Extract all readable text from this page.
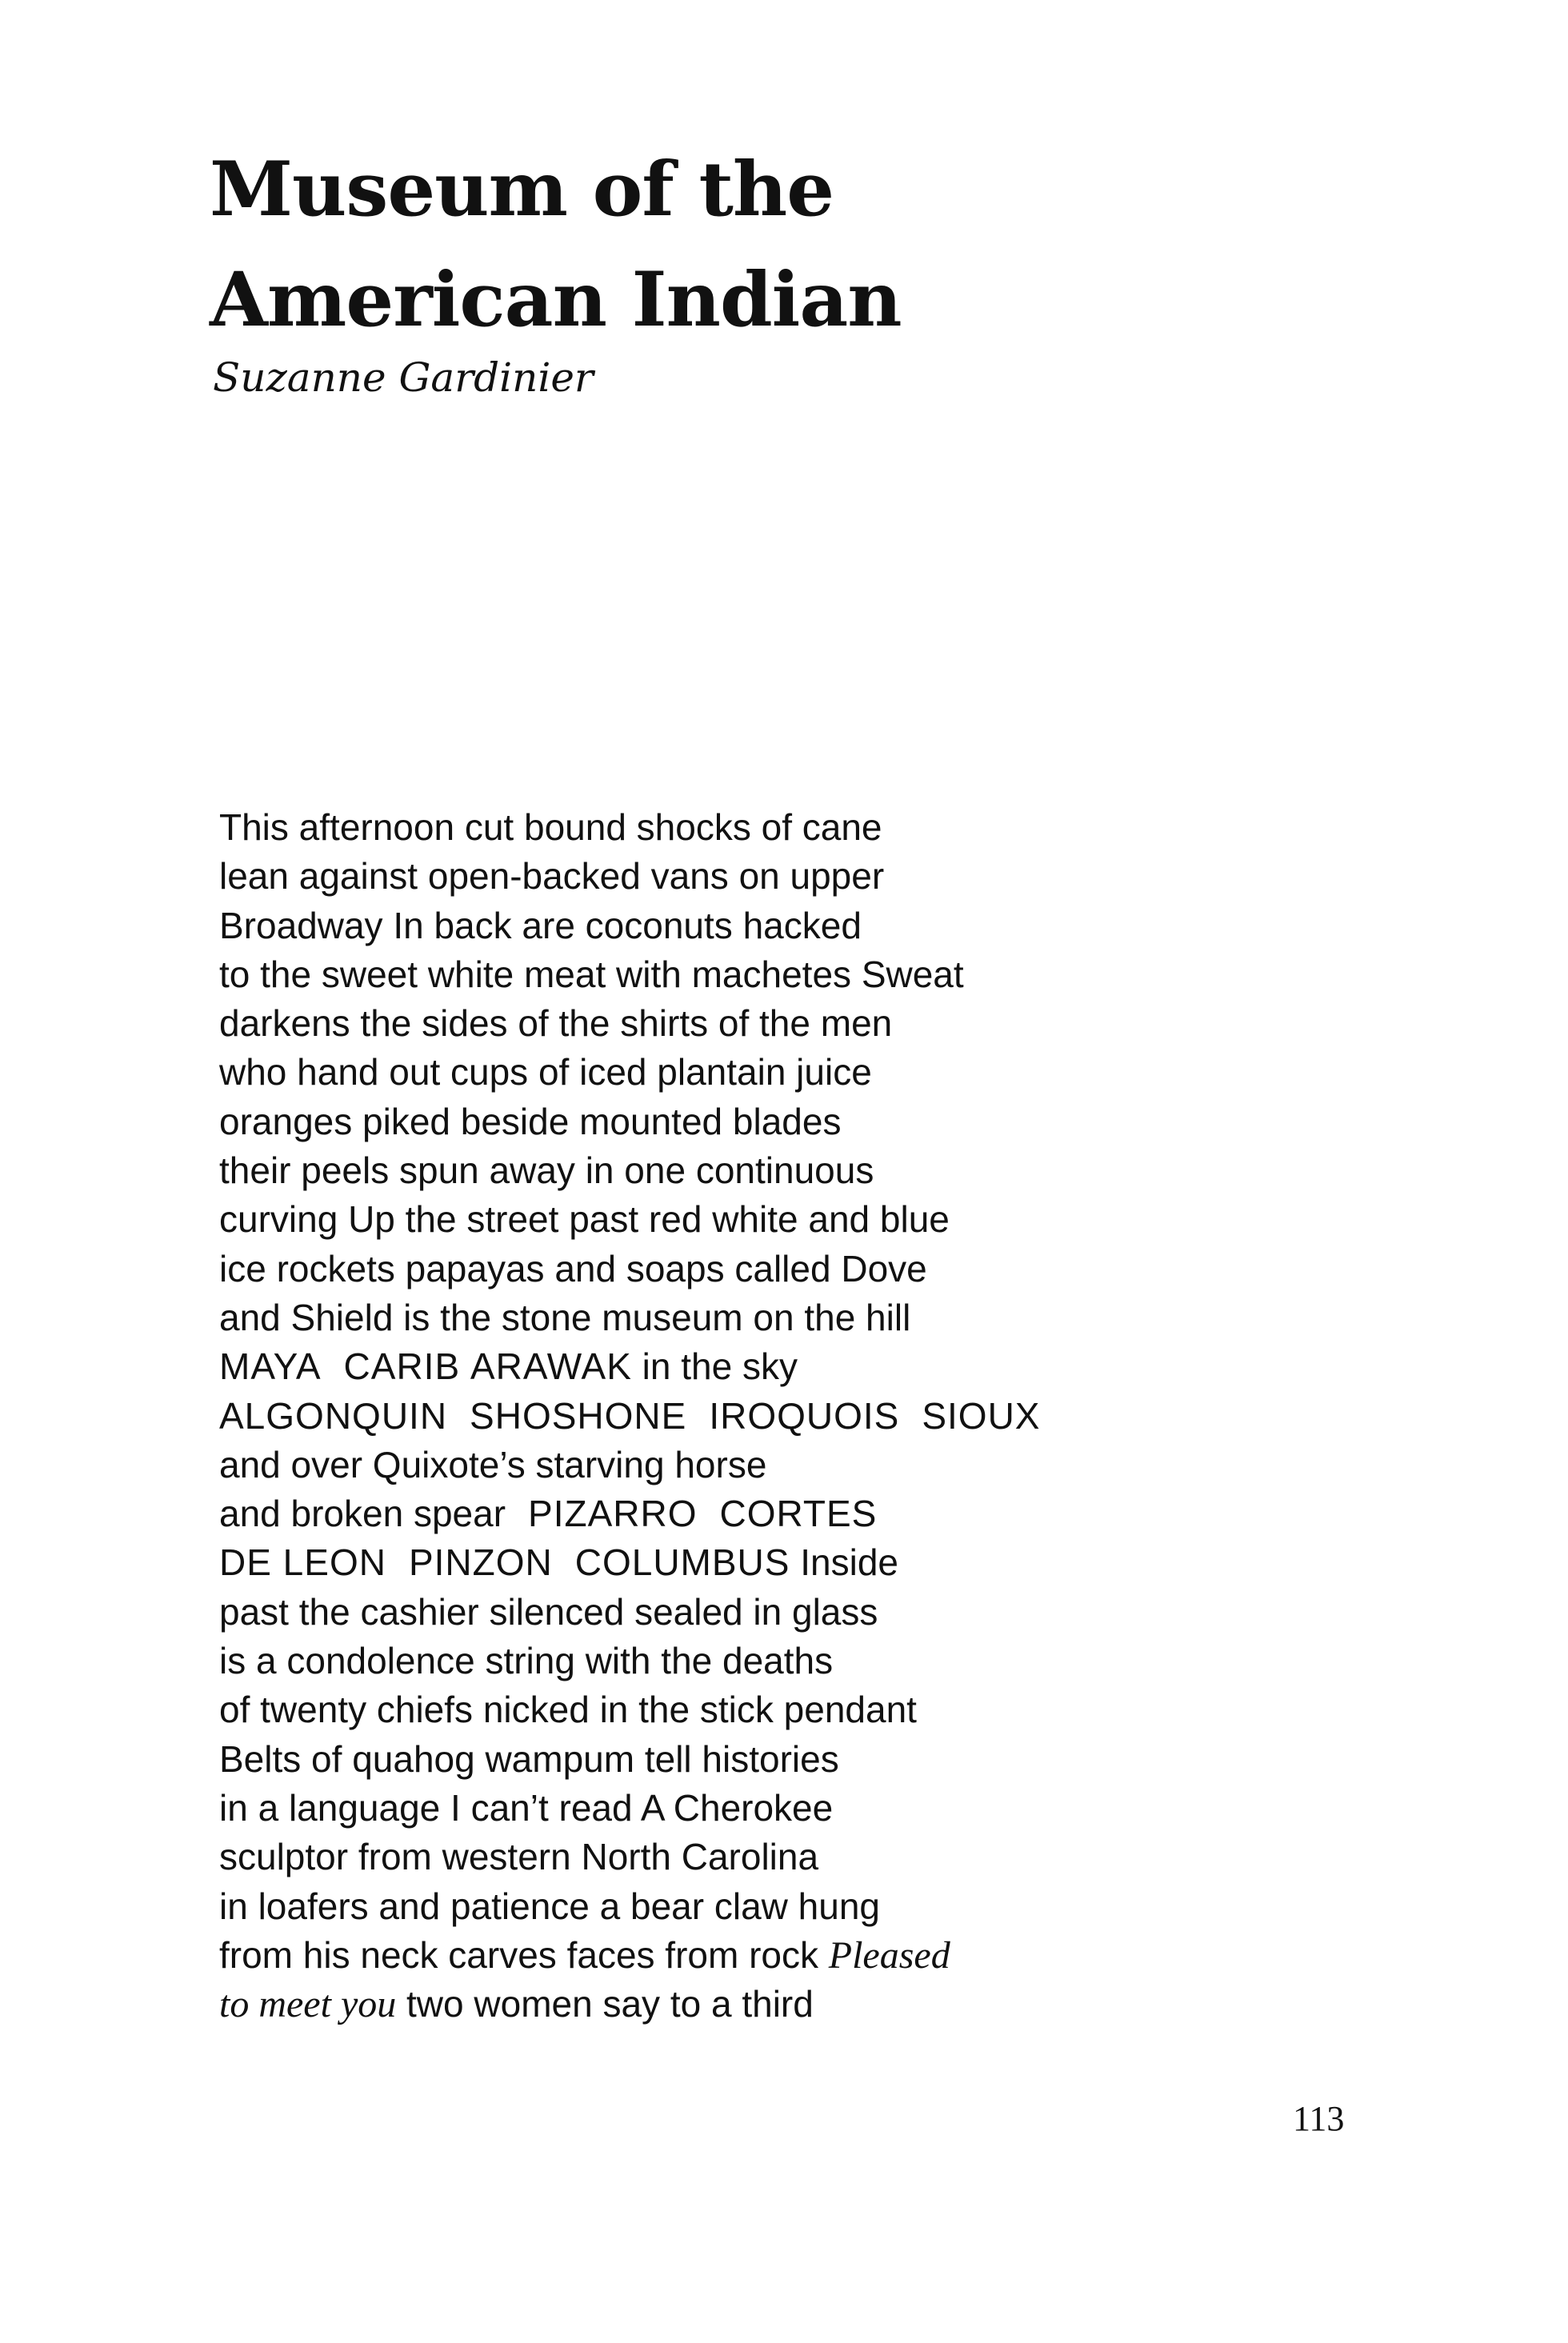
Museum of the
American Indian

Suzanne Gardinier

This afternoon cut bound shocks of cane
lean against open-backed vans on upper
Broadway In back are coconuts hacked
to the sweet white meat with machetes Sweat
darkens the sides of the shirts of the men
who hand out cups of iced plantain juice
oranges piked beside mounted blades
their peels spun away in one continuous
curving Up the street past red white and blue
ice rockets papayas and soaps called Dove
and Shield is the stone museum on the hill
MAYA CARIB ARAWAK in the sky
ALGONQUIN SHOSHONE IROQUOIS SIOUX
and over Quixote’s starving horse
and broken spear PIZARRO CORTES
DE LEON PINZON COLUMBUS Inside
past the cashier silenced sealed in glass
is a condolence string with the deaths
of twenty chiefs nicked in the stick pendant
Belts of quahog wampum tell histories
in a language I can’t read A Cherokee
sculptor from western North Carolina
in loafers and patience a bear claw hung
from his neck carves faces from rock Pleased
to meet you two women say to a third
113
